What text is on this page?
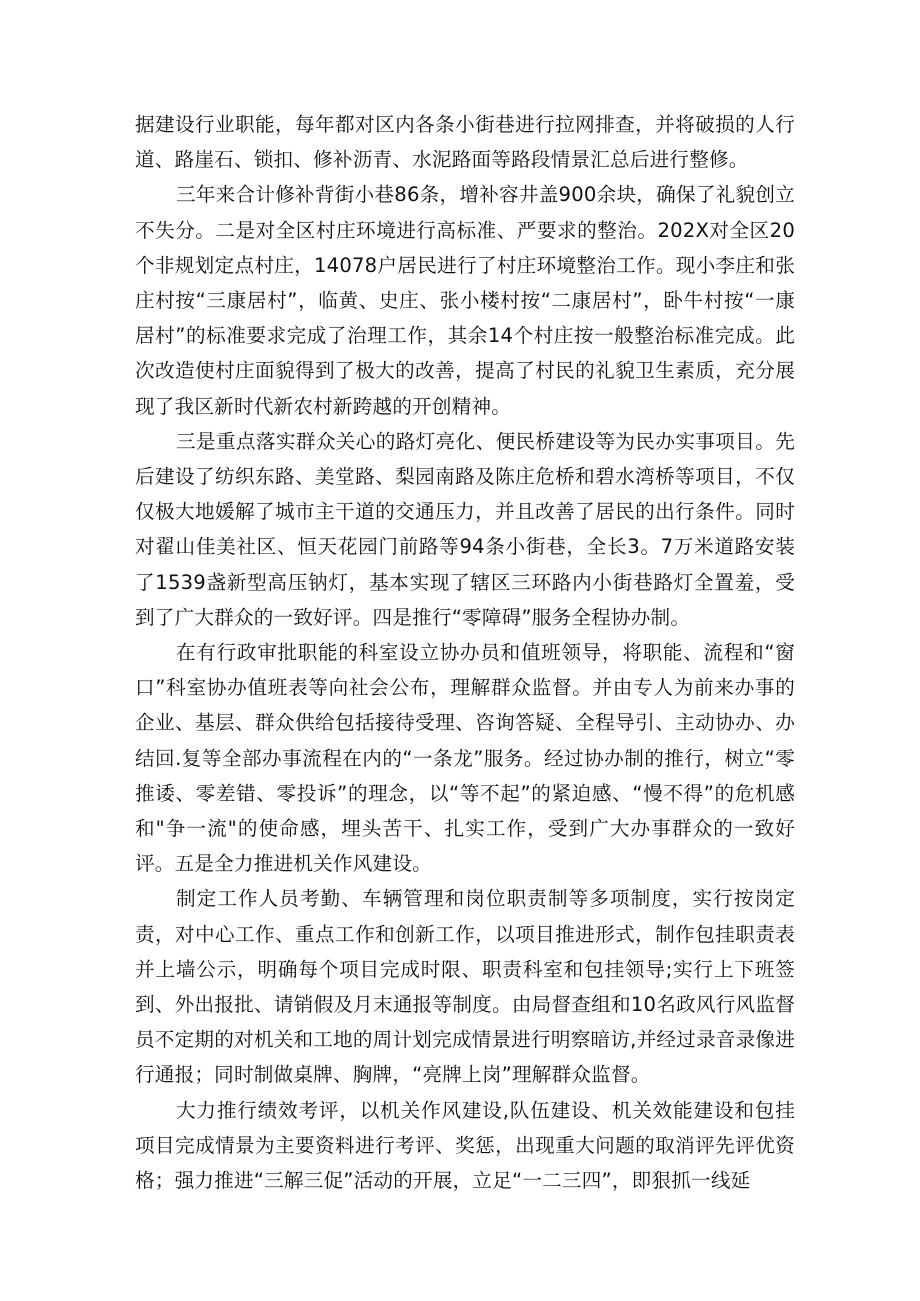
据建设行业职能，每年都对区内各条小街巷进行拉网排查，并将破损的人行道、路崖石、锁扣、修补沥青、水泥路面等路段情景汇总后进行整修。

三年来合计修补背街小巷86条，增补容井盖900余块，确保了礼貌创立不失分。二是对全区村庄环境进行高标准、严要求的整治。202X对全区20个非规划定点村庄，14078户居民进行了村庄环境整治工作。现小李庄和张庄村按“三康居村”，临黄、史庄、张小楼村按“二康居村”，卧牛村按“一康居村”的标准要求完成了治理工作，其余14个村庄按一般整治标准完成。此次改造使村庄面貌得到了极大的改善，提高了村民的礼貌卫生素质，充分展现了我区新时代新农村新跨越的开创精神。

三是重点落实群众关心的路灯亮化、便民桥建设等为民办实事项目。先后建设了纺织东路、美堂路、梨园南路及陈庄危桥和碧水湾桥等项目，不仅仅极大地媛解了城市主干道的交通压力，并且改善了居民的出行条件。同时对翟山佳美社区、恒天花园门前路等94条小街巷，全长3。7万米道路安装了1539盏新型高压钠灯，基本实现了辖区三环路内小街巷路灯全置羞，受到了广大群众的一致好评。四是推行“零障碍”服务全程协办制。

在有行政审批职能的科室设立协办员和值班领导，将职能、流程和“窗口”科室协办值班表等向社会公布，理解群众监督。并由专人为前来办事的企业、基层、群众供给包括接待受理、咨询答疑、全程导引、主动协办、办结回.复等全部办事流程在内的“一条龙”服务。经过协办制的推行，树立“零推诿、零差错、零投诉”的理念，以“等不起”的紧迫感、“慢不得”的危机感和"争一流"的使命感，埋头苦干、扎实工作，受到广大办事群众的一致好评。五是全力推进机关作风建设。

制定工作人员考勤、车辆管理和岗位职责制等多项制度，实行按岗定责，对中心工作、重点工作和创新工作，以项目推进形式，制作包挂职责表并上墙公示，明确每个项目完成时限、职责科室和包挂领导;实行上下班签到、外出报批、请销假及月末通报等制度。由局督查组和10名政风行风监督员不定期的对机关和工地的周计划完成情景进行明察暗访,并经过录音录像进行通报；同时制做桌牌、胸牌，“亮牌上岗”理解群众监督。

大力推行绩效考评，以机关作风建设,队伍建设、机关效能建设和包挂项目完成情景为主要资料进行考评、奖惩，出现重大问题的取消评先评优资格；强力推进“三解三促”活动的开展，立足“一二三四”，即狠抓一线延
